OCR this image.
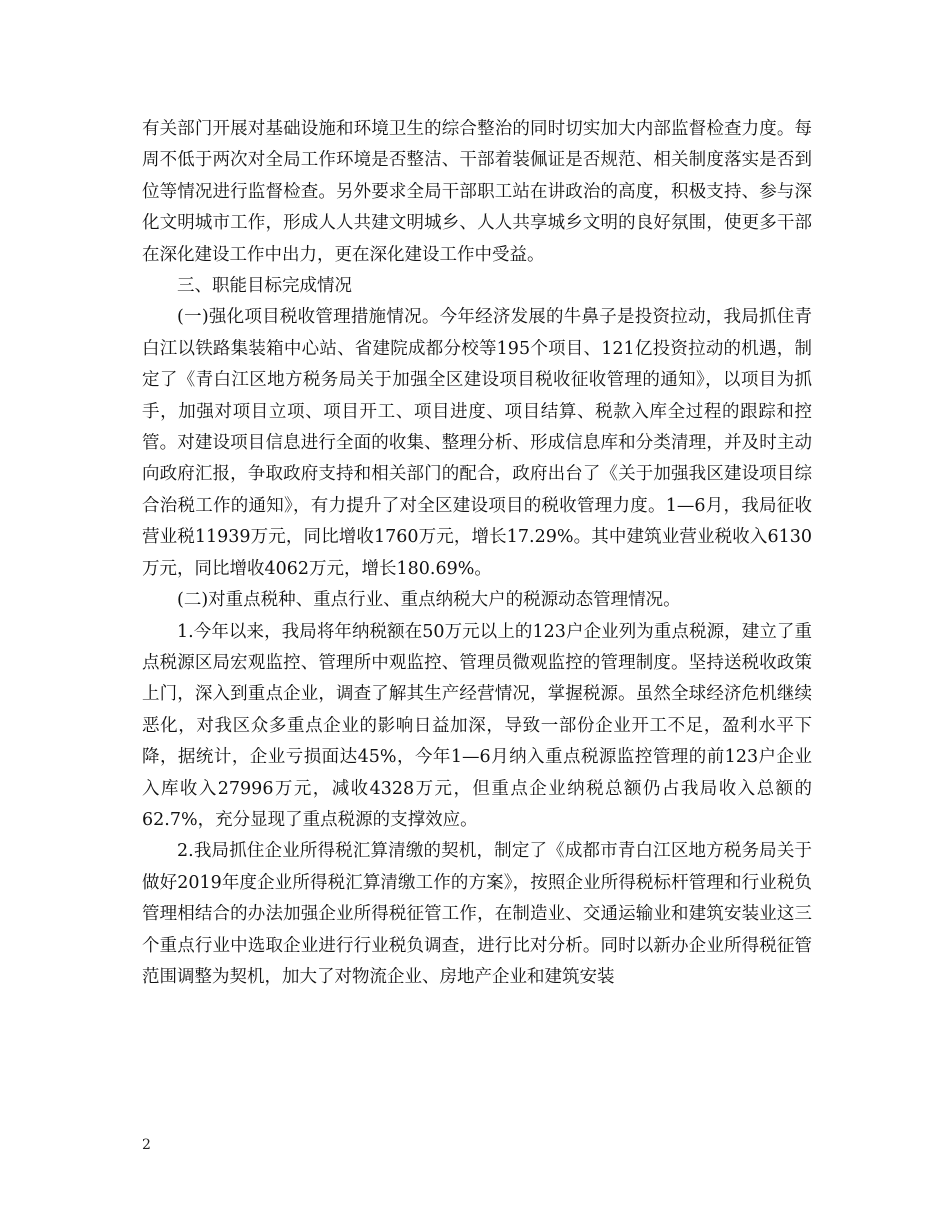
有关部门开展对基础设施和环境卫生的综合整治的同时切实加大内部监督检查力度。每周不低于两次对全局工作环境是否整洁、干部着装佩证是否规范、相关制度落实是否到位等情况进行监督检查。另外要求全局干部职工站在讲政治的高度，积极支持、参与深化文明城市工作，形成人人共建文明城乡、人人共享城乡文明的良好氛围，使更多干部在深化建设工作中出力，更在深化建设工作中受益。

三、职能目标完成情况

(一)强化项目税收管理措施情况。今年经济发展的牛鼻子是投资拉动，我局抓住青白江以铁路集装箱中心站、省建院成都分校等195个项目、121亿投资拉动的机遇，制定了《青白江区地方税务局关于加强全区建设项目税收征收管理的通知》，以项目为抓手，加强对项目立项、项目开工、项目进度、项目结算、税款入库全过程的跟踪和控管。对建设项目信息进行全面的收集、整理分析、形成信息库和分类清理，并及时主动向政府汇报，争取政府支持和相关部门的配合，政府出台了《关于加强我区建设项目综合治税工作的通知》，有力提升了对全区建设项目的税收管理力度。1—6月，我局征收营业税11939万元，同比增收1760万元，增长17.29%。其中建筑业营业税收入6130万元，同比增收4062万元，增长180.69%。

(二)对重点税种、重点行业、重点纳税大户的税源动态管理情况。

1.今年以来，我局将年纳税额在50万元以上的123户企业列为重点税源，建立了重点税源区局宏观监控、管理所中观监控、管理员微观监控的管理制度。坚持送税收政策上门，深入到重点企业，调查了解其生产经营情况，掌握税源。虽然全球经济危机继续恶化，对我区众多重点企业的影响日益加深，导致一部份企业开工不足，盈利水平下降，据统计，企业亏损面达45%，今年1—6月纳入重点税源监控管理的前123户企业入库收入27996万元，减收4328万元，但重点企业纳税总额仍占我局收入总额的62.7%，充分显现了重点税源的支撑效应。

2.我局抓住企业所得税汇算清缴的契机，制定了《成都市青白江区地方税务局关于做好2019年度企业所得税汇算清缴工作的方案》，按照企业所得税标杆管理和行业税负管理相结合的办法加强企业所得税征管工作，在制造业、交通运输业和建筑安装业这三个重点行业中选取企业进行行业税负调查，进行比对分析。同时以新办企业所得税征管范围调整为契机，加大了对物流企业、房地产企业和建筑安装

2
